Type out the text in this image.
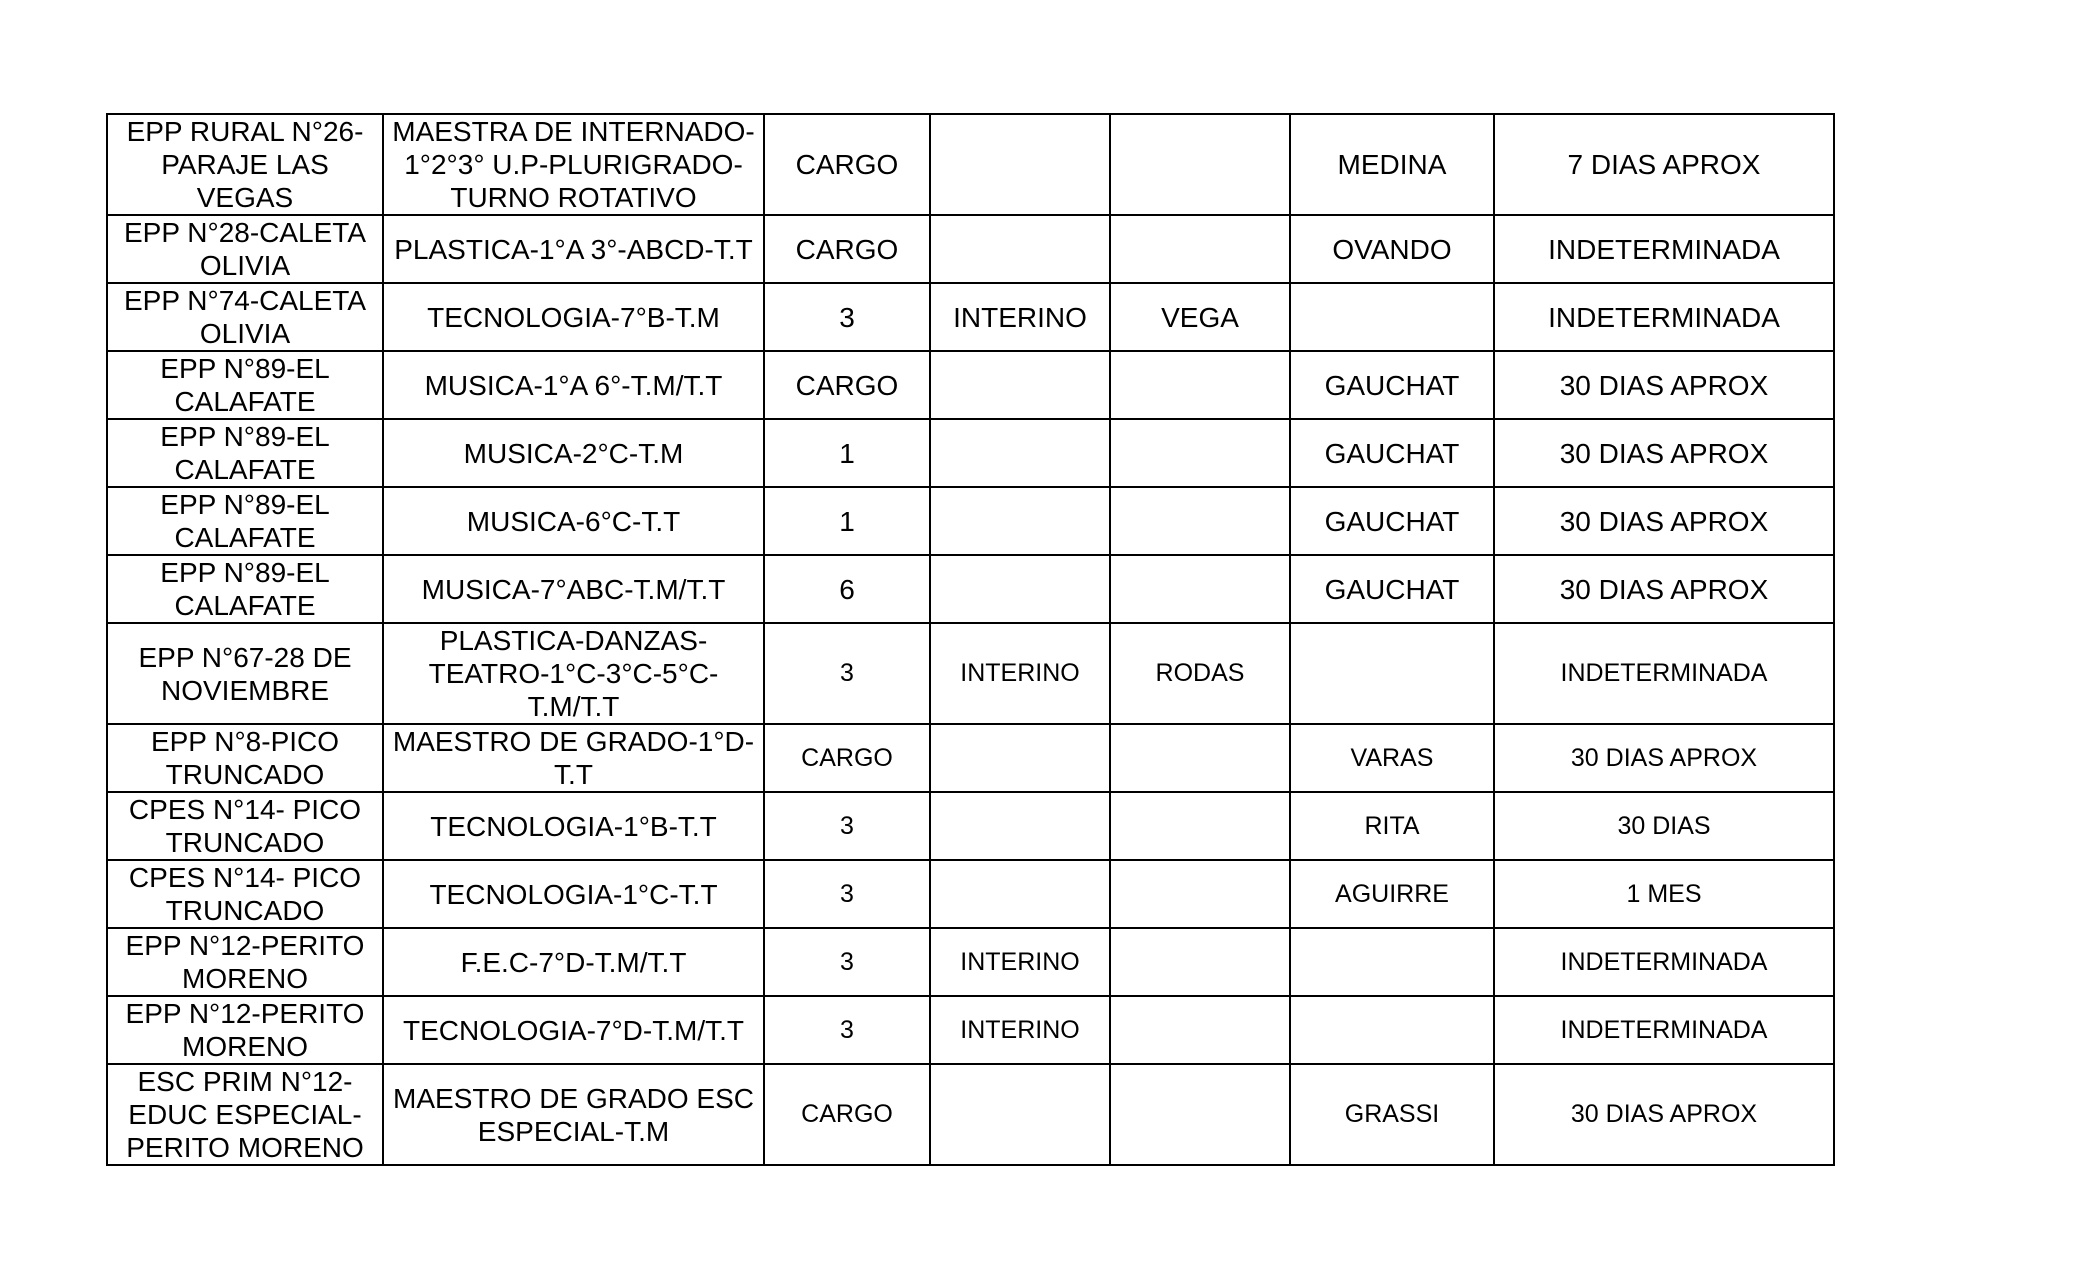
EPP RURAL N°26-PARAJE LAS VEGAS	MAESTRA DE INTERNADO-1°2°3° U.P-PLURIGRADO-TURNO ROTATIVO	CARGO			MEDINA	7 DIAS APROX
EPP N°28-CALETA OLIVIA	PLASTICA-1°A 3°-ABCD-T.T	CARGO			OVANDO	INDETERMINADA
EPP N°74-CALETA OLIVIA	TECNOLOGIA-7°B-T.M	3	INTERINO	VEGA		INDETERMINADA
EPP N°89-EL CALAFATE	MUSICA-1°A 6°-T.M/T.T	CARGO			GAUCHAT	30 DIAS APROX
EPP N°89-EL CALAFATE	MUSICA-2°C-T.M	1			GAUCHAT	30 DIAS APROX
EPP N°89-EL CALAFATE	MUSICA-6°C-T.T	1			GAUCHAT	30 DIAS APROX
EPP N°89-EL CALAFATE	MUSICA-7°ABC-T.M/T.T	6			GAUCHAT	30 DIAS APROX
EPP N°67-28 DE NOVIEMBRE	PLASTICA-DANZAS-TEATRO-1°C-3°C-5°C-T.M/T.T	3	INTERINO	RODAS		INDETERMINADA
EPP N°8-PICO TRUNCADO	MAESTRO DE GRADO-1°D-T.T	CARGO			VARAS	30 DIAS APROX
CPES N°14- PICO TRUNCADO	TECNOLOGIA-1°B-T.T	3			RITA	30 DIAS
CPES N°14- PICO TRUNCADO	TECNOLOGIA-1°C-T.T	3			AGUIRRE	1 MES
EPP N°12-PERITO MORENO	F.E.C-7°D-T.M/T.T	3	INTERINO			INDETERMINADA
EPP N°12-PERITO MORENO	TECNOLOGIA-7°D-T.M/T.T	3	INTERINO			INDETERMINADA
ESC PRIM N°12-EDUC ESPECIAL-PERITO MORENO	MAESTRO DE GRADO ESC ESPECIAL-T.M	CARGO			GRASSI	30 DIAS APROX
